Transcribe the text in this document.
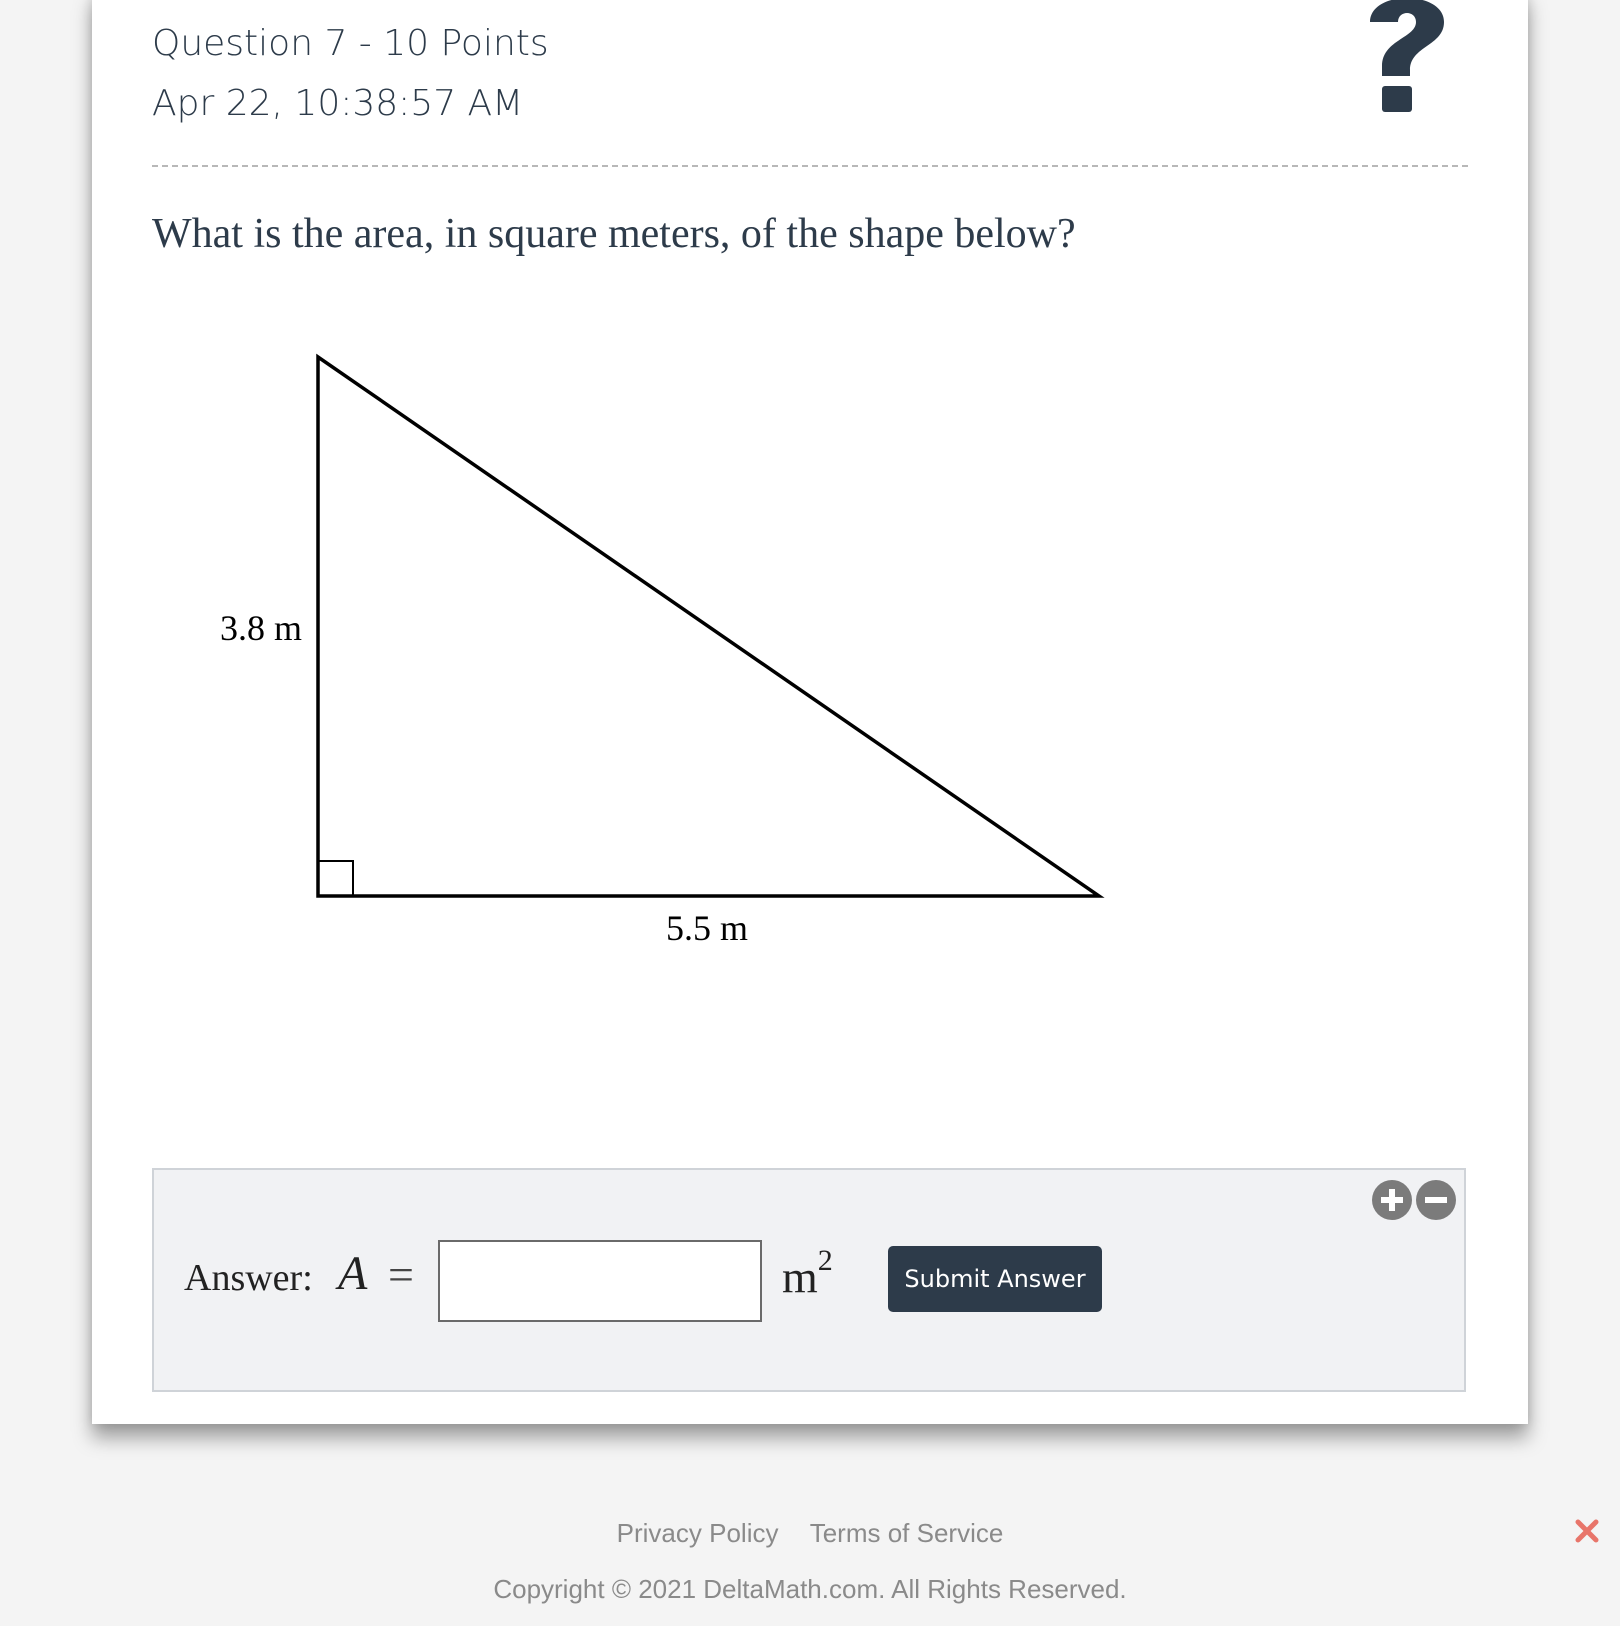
Question 7 - 10 Points
Apr 22, 10:38:57 AM
What is the area, in square meters, of the shape below?
3.8 m
5.5 m
Answer: A =	$m^2$
Submit Answer
Privacy Policy Terms of Service
Copyright © 2021 DeltaMath.com. All Rights Reserved.
